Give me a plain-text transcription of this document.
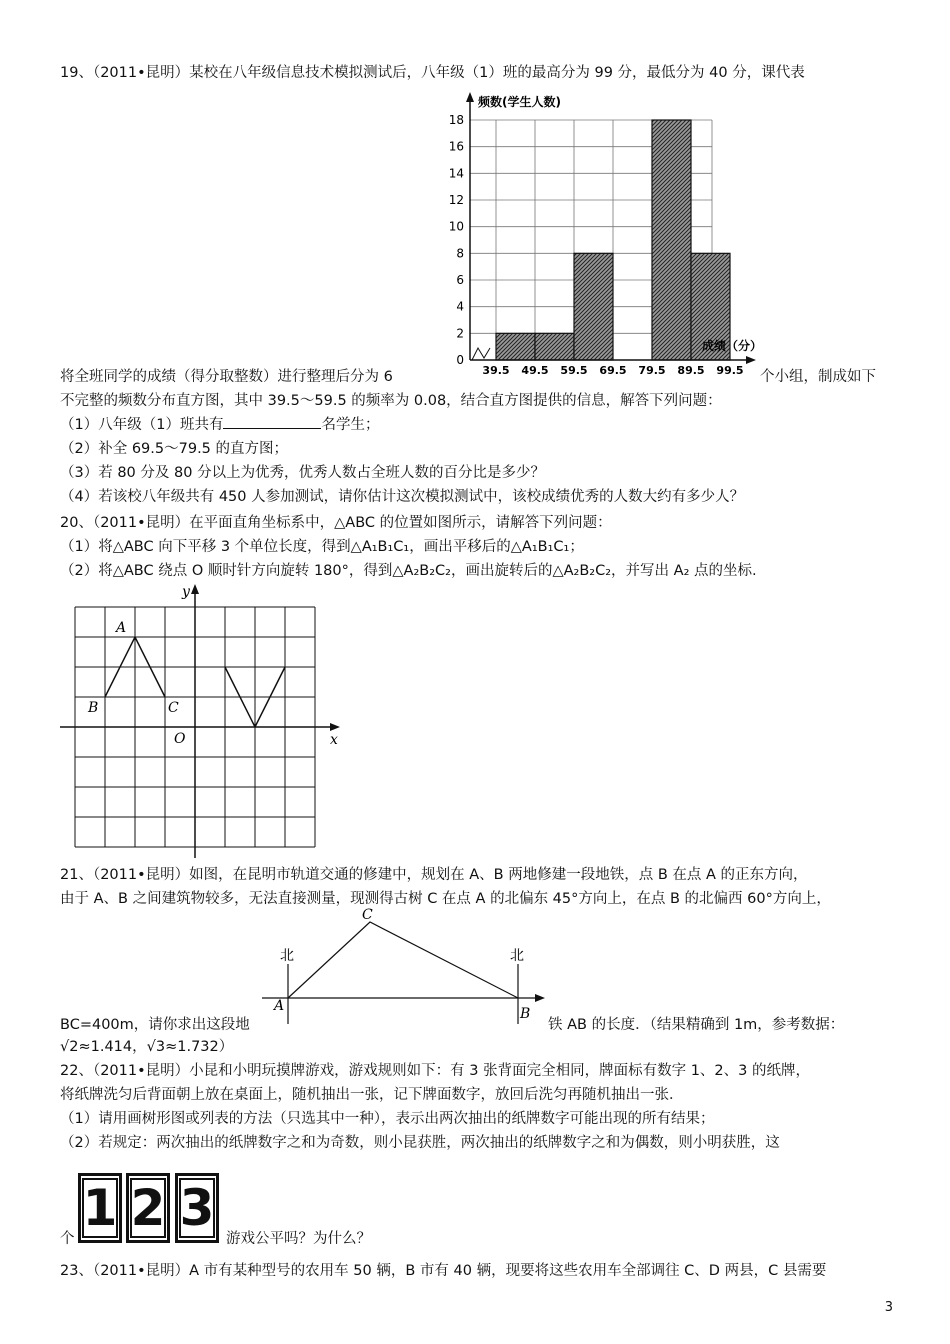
19、（2011•昆明）某校在八年级信息技术模拟测试后，八年级（1）班的最高分为 99 分，最低分为 40 分，课代表
0
2
4
6
8
10
12
14
16
18
39.5 49.5 59.5 69.5 79.5 89.5 99.5
频数(学生人数)
成绩（分）
将全班同学的成绩（得分取整数）进行整理后分为 6	个小组，制成如下
不完整的频数分布直方图，其中 39.5～59.5 的频率为 0.08，结合直方图提供的信息，解答下列问题：
（1）八年级（1）班共有	名学生；
（2）补全 69.5～79.5 的直方图；
（3）若 80 分及 80 分以上为优秀，优秀人数占全班人数的百分比是多少？
（4）若该校八年级共有 450 人参加测试，请你估计这次模拟测试中，该校成绩优秀的人数大约有多少人？
20、（2011•昆明）在平面直角坐标系中，△ABC 的位置如图所示，请解答下列问题：
（1）将△ABC 向下平移 3 个单位长度，得到△A₁B₁C₁，画出平移后的△A₁B₁C₁；
（2）将△ABC 绕点 O 顺时针方向旋转 180°，得到△A₂B₂C₂，画出旋转后的△A₂B₂C₂，并写出 A₂ 点的坐标.
y
x
A
B	C
O
21、（2011•昆明）如图，在昆明市轨道交通的修建中，规划在 A、B 两地修建一段地铁，点 B 在点 A 的正东方向，
由于 A、B 之间建筑物较多，无法直接测量，现测得古树 C 在点 A 的北偏东 45°方向上，在点 B 的北偏西 60°方向上，
北	北
C
A	B
BC=400m，请你求出这段地	铁 AB 的长度．（结果精确到 1m，参考数据：
√2≈1.414，√3≈1.732）
22、（2011•昆明）小昆和小明玩摸牌游戏，游戏规则如下：有 3 张背面完全相同，牌面标有数字 1、2、3 的纸牌，
将纸牌洗匀后背面朝上放在桌面上，随机抽出一张，记下牌面数字，放回后洗匀再随机抽出一张．
（1）请用画树形图或列表的方法（只选其中一种），表示出两次抽出的纸牌数字可能出现的所有结果；
（2）若规定：两次抽出的纸牌数字之和为奇数，则小昆获胜，两次抽出的纸牌数字之和为偶数，则小明获胜，这
1 2 3
个	游戏公平吗？为什么？
23、（2011•昆明）A 市有某种型号的农用车 50 辆，B 市有 40 辆，现要将这些农用车全部调往 C、D 两县，C 县需要
3
